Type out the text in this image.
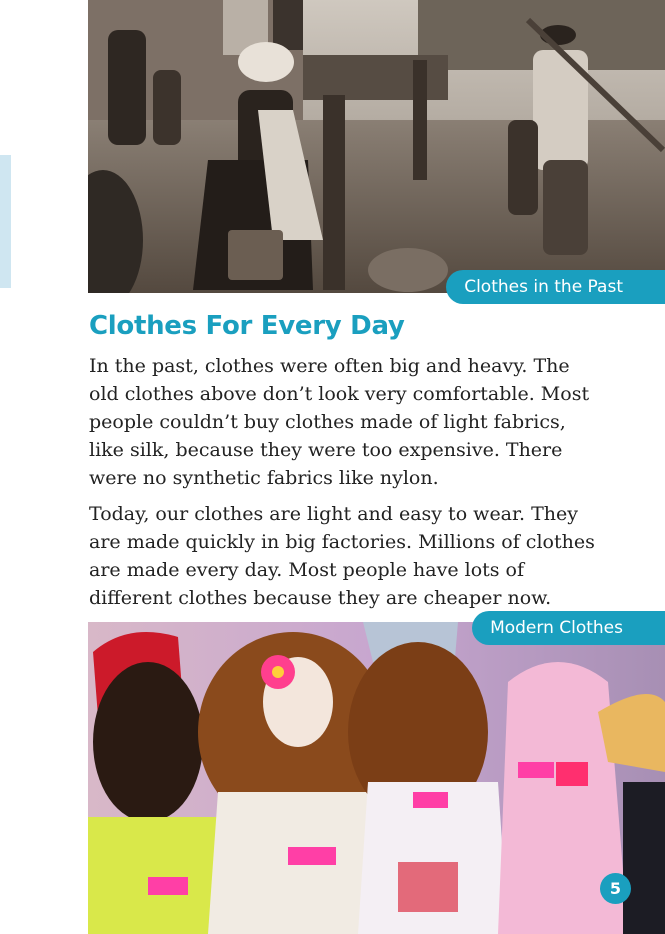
Clothes in the Past
Clothes For Every Day

In the past, clothes were often big and heavy. The old clothes above don’t look very comfortable. Most people couldn’t buy clothes made of light fabrics, like silk, because they were too expensive. There were no synthetic fabrics like nylon.

Today, our clothes are light and easy to wear. They are made quickly in big factories. Millions of clothes are made every day. Most people have lots of different clothes because they are cheaper now.

Modern Clothes
5
